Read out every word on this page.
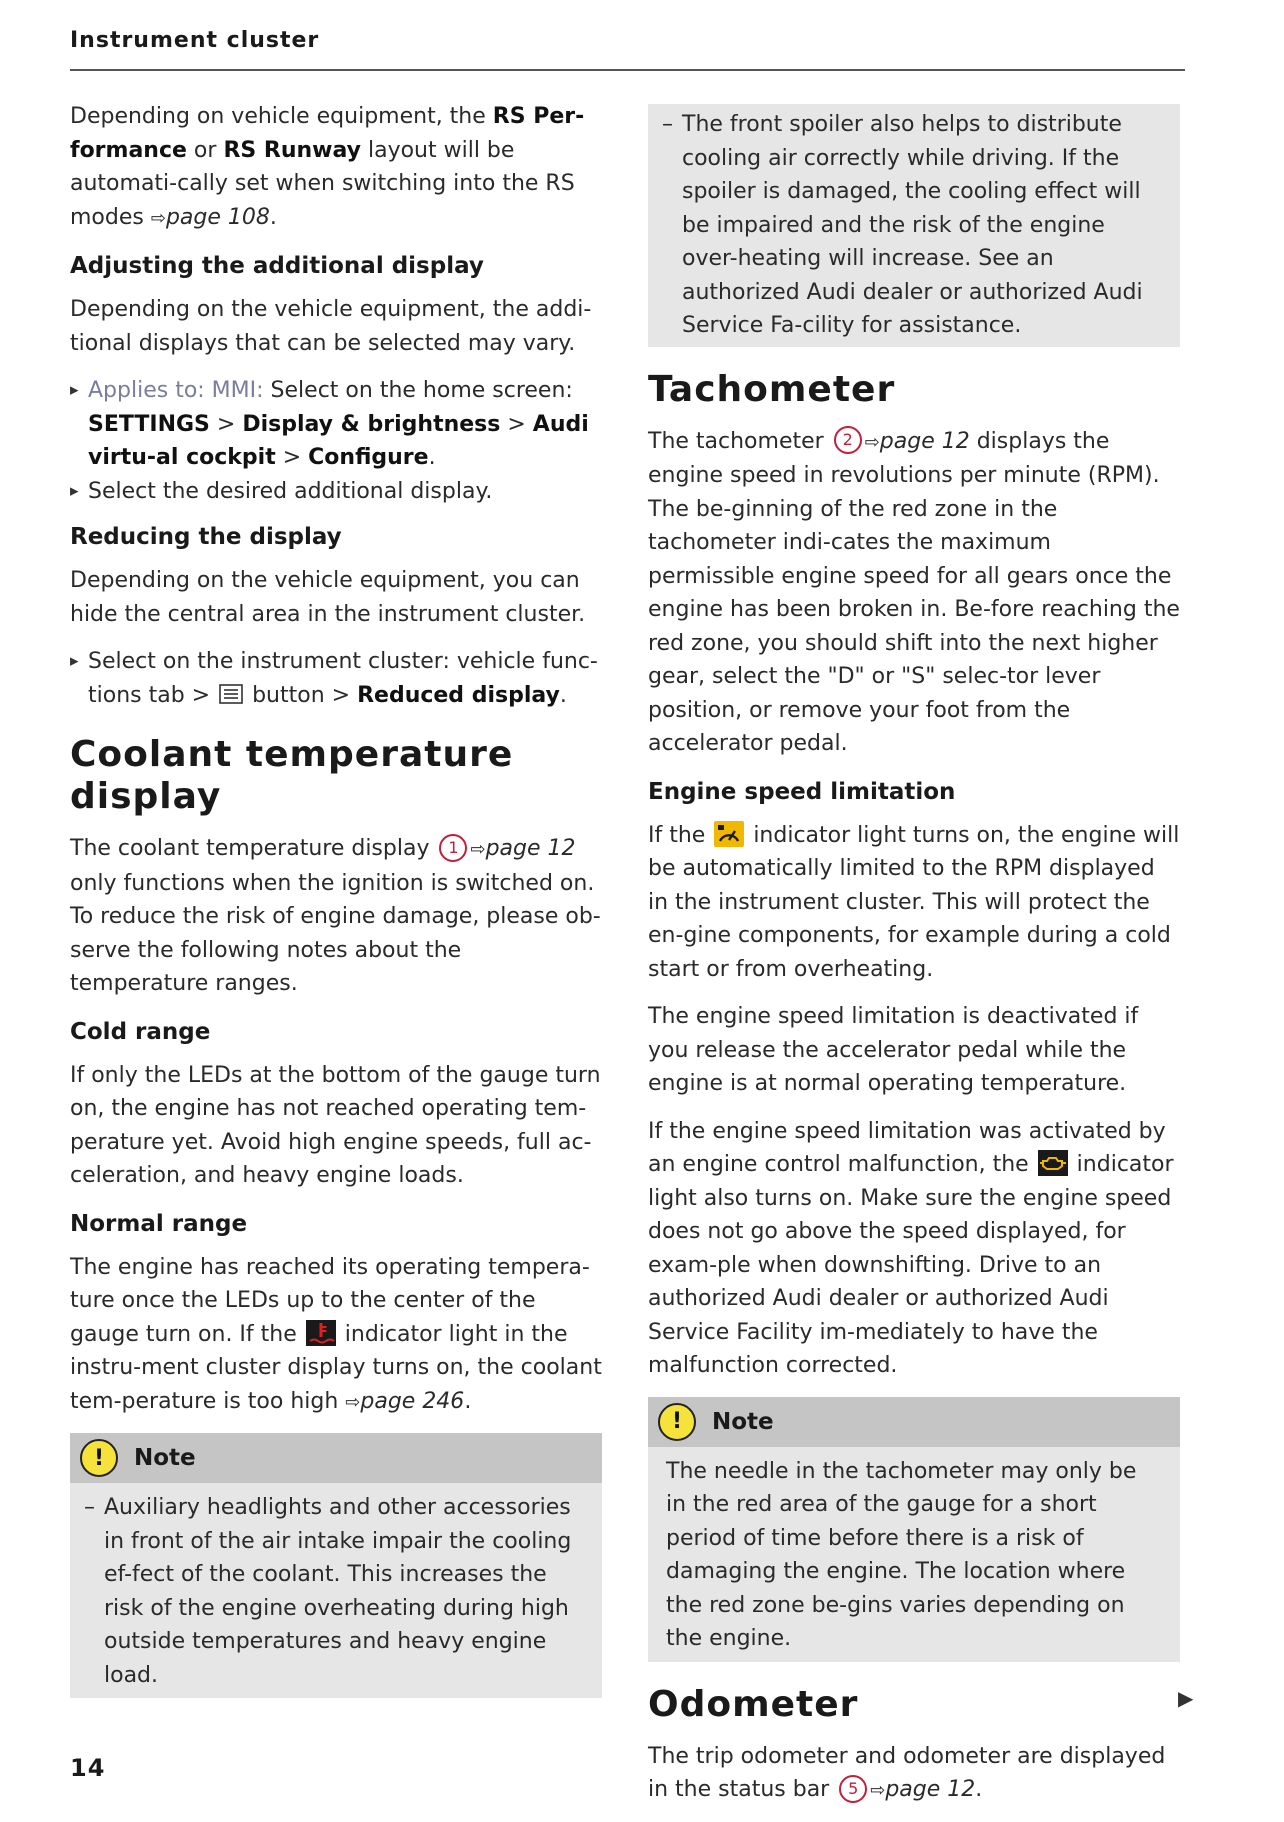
Instrument cluster

Depending on vehicle equipment, the RS Per-formance or RS Runway layout will be automati-cally set when switching into the RS modes ⇨page 108.

Adjusting the additional display

Depending on the vehicle equipment, the addi-tional displays that can be selected may vary.

▸ Applies to: MMI: Select on the home screen: SETTINGS > Display & brightness > Audi virtu-al cockpit > Configure.
▸ Select the desired additional display.
Reducing the display

Depending on the vehicle equipment, you can hide the central area in the instrument cluster.

▸ Select on the instrument cluster: vehicle func-tions tab >  button > Reduced display.
Coolant temperature display

The coolant temperature display 1 ⇨page 12 only functions when the ignition is switched on. To reduce the risk of engine damage, please ob-serve the following notes about the temperature ranges.

Cold range

If only the LEDs at the bottom of the gauge turn on, the engine has not reached operating tem-perature yet. Avoid high engine speeds, full ac-celeration, and heavy engine loads.

Normal range

The engine has reached its operating tempera-ture once the LEDs up to the center of the gauge turn on. If the  indicator light in the instru-ment cluster display turns on, the coolant tem-perature is too high ⇨page 246.

!	Note

– Auxiliary headlights and other accessories in front of the air intake impair the cooling ef-fect of the coolant. This increases the risk of the engine overheating during high outside temperatures and heavy engine load.

– The front spoiler also helps to distribute cooling air correctly while driving. If the spoiler is damaged, the cooling effect will be impaired and the risk of the engine over-heating will increase. See an authorized Audi dealer or authorized Audi Service Fa-cility for assistance.

Tachometer

The tachometer 2 ⇨page 12 displays the engine speed in revolutions per minute (RPM). The be-ginning of the red zone in the tachometer indi-cates the maximum permissible engine speed for all gears once the engine has been broken in. Be-fore reaching the red zone, you should shift into the next higher gear, select the "D" or "S" selec-tor lever position, or remove your foot from the accelerator pedal.

Engine speed limitation

If the  indicator light turns on, the engine will be automatically limited to the RPM displayed in the instrument cluster. This will protect the en-gine components, for example during a cold start or from overheating.

The engine speed limitation is deactivated if you release the accelerator pedal while the engine is at normal operating temperature.

If the engine speed limitation was activated by an engine control malfunction, the  indicator light also turns on. Make sure the engine speed does not go above the speed displayed, for exam-ple when downshifting. Drive to an authorized Audi dealer or authorized Audi Service Facility im-mediately to have the malfunction corrected.

!	Note

The needle in the tachometer may only be in the red area of the gauge for a short period of time before there is a risk of damaging the engine. The location where the red zone be-gins varies depending on the engine.

Odometer

The trip odometer and odometer are displayed in the status bar 5 ⇨page 12.

▶
14
